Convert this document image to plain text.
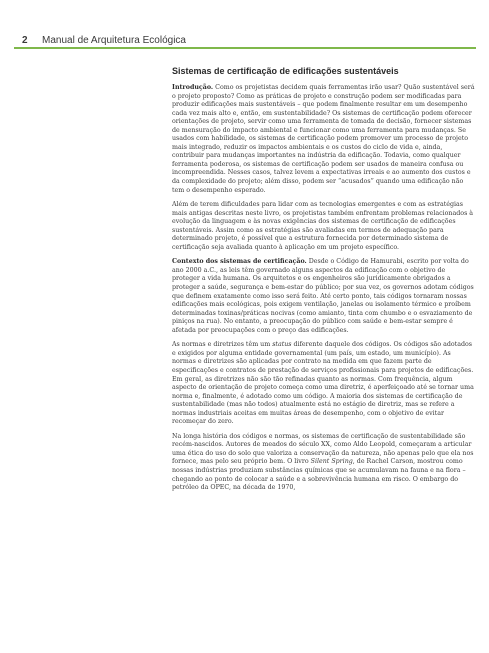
2 Manual de Arquitetura Ecológica
Sistemas de certificação de edificações sustentáveis

Introdução. Como os projetistas decidem quais ferramentas irão usar? Quão sustentável será o projeto proposto? Como as práticas de projeto e construção podem ser modificadas para produzir edificações mais sustentáveis – que podem finalmente resultar em um desempenho cada vez mais alto e, então, em sustentabilidade? Os sistemas de certificação podem oferecer orientações de projeto, servir como uma ferramenta de tomada de decisão, fornecer sistemas de mensuração do impacto ambiental e funcionar como uma ferramenta para mudanças. Se usados com habilidade, os sistemas de certificação podem promover um processo de projeto mais integrado, reduzir os impactos ambientais e os custos do ciclo de vida e, ainda, contribuir para mudanças importantes na indústria da edificação. Todavia, como qualquer ferramenta poderosa, os sistemas de certificação podem ser usados de maneira confusa ou incompreendida. Nesses casos, talvez levem a expectativas irreais e ao aumento dos custos e da complexidade do projeto; além disso, podem ser “acusados” quando uma edificação não tem o desempenho esperado.

Além de terem dificuldades para lidar com as tecnologias emergentes e com as estratégias mais antigas descritas neste livro, os projetistas também enfrentam problemas relacionados à evolução da linguagem e às novas exigências dos sistemas de certificação de edificações sustentáveis. Assim como as estratégias são avaliadas em termos de adequação para determinado projeto, é possível que a estrutura fornecida por determinado sistema de certificação seja avaliada quanto à aplicação em um projeto específico.

Contexto dos sistemas de certificação. Desde o Código de Hamurabi, escrito por volta do ano 2000 a.C., as leis têm governado alguns aspectos da edificação com o objetivo de proteger a vida humana. Os arquitetos e os engenheiros são juridicamente obrigados a proteger a saúde, segurança e bem-estar do público; por sua vez, os governos adotam códigos que definem exatamente como isso será feito. Até certo ponto, tais códigos tornaram nossas edificações mais ecológicas, pois exigem ventilação, janelas ou isolamento térmico e proíbem determinadas toxinas/práticas nocivas (como amianto, tinta com chumbo e o esvaziamento de piniços na rua). No entanto, a preocupação do público com saúde e bem-estar sempre é afetada por preocupações com o preço das edificações.

As normas e diretrizes têm um status diferente daquele dos códigos. Os códigos são adotados e exigidos por alguma entidade governamental (um país, um estado, um município). As normas e diretrizes são aplicadas por contrato na medida em que fazem parte de especificações e contratos de prestação de serviços profissionais para projetos de edificações. Em geral, as diretrizes não são tão refinadas quanto as normas. Com frequência, algum aspecto de orientação de projeto começa como uma diretriz, é aperfeiçoado até se tornar uma norma e, finalmente, é adotado como um código. A maioria dos sistemas de certificação de sustentabilidade (mas não todos) atualmente está no estágio de diretriz, mas se refere a normas industriais aceitas em muitas áreas de desempenho, com o objetivo de evitar recomeçar do zero.

Na longa história dos códigos e normas, os sistemas de certificação de sustentabilidade são recém-nascidos. Autores de meados do século XX, como Aldo Leopold, começaram a articular uma ética do uso do solo que valoriza a conservação da natureza, não apenas pelo que ela nos fornece, mas pelo seu próprio bem. O livro Silent Spring, de Rachel Carson, mostrou como nossas indústrias produziam substâncias químicas que se acumulavam na fauna e na flora – chegando ao ponto de colocar a saúde e a sobrevivência humana em risco. O embargo do petróleo da OPEC, na década de 1970,
